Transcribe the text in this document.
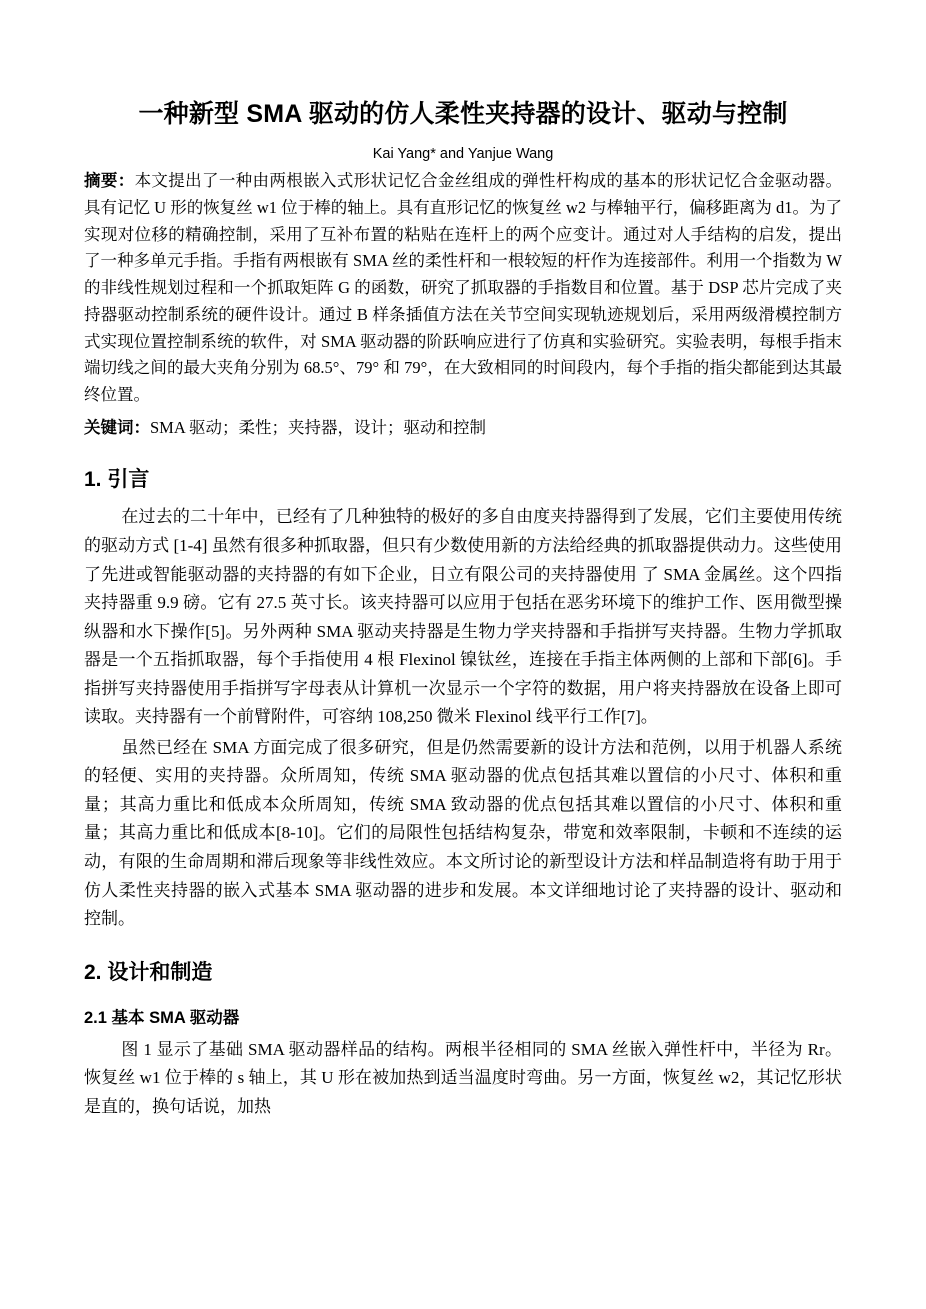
一种新型 SMA 驱动的仿人柔性夹持器的设计、驱动与控制
Kai Yang* and Yanjue Wang
摘要：本文提出了一种由两根嵌入式形状记忆合金丝组成的弹性杆构成的基本的形状记忆合金驱动器。具有记忆 U 形的恢复丝 w1 位于棒的轴上。具有直形记忆的恢复丝 w2 与棒轴平行，偏移距离为 d1。为了实现对位移的精确控制，采用了互补布置的粘贴在连杆上的两个应变计。通过对人手结构的启发，提出了一种多单元手指。手指有两根嵌有 SMA 丝的柔性杆和一根较短的杆作为连接部件。利用一个指数为 W 的非线性规划过程和一个抓取矩阵 G 的函数，研究了抓取器的手指数目和位置。基于 DSP 芯片完成了夹持器驱动控制系统的硬件设计。通过 B 样条插值方法在关节空间实现轨迹规划后，采用两级滑模控制方式实现位置控制系统的软件，对 SMA 驱动器的阶跃响应进行了仿真和实验研究。实验表明，每根手指末端切线之间的最大夹角分别为 68.5°、79° 和 79°，在大致相同的时间段内，每个手指的指尖都能到达其最终位置。
关键词：SMA 驱动；柔性；夹持器，设计；驱动和控制
1. 引言

在过去的二十年中，已经有了几种独特的极好的多自由度夹持器得到了发展，它们主要使用传统的驱动方式 [1-4] 虽然有很多种抓取器，但只有少数使用新的方法给经典的抓取器提供动力。这些使用了先进或智能驱动器的夹持器的有如下企业，日立有限公司的夹持器使用 了 SMA 金属丝。这个四指夹持器重 9.9 磅。它有 27.5 英寸长。该夹持器可以应用于包括在恶劣环境下的维护工作、医用微型操纵器和水下操作[5]。另外两种 SMA 驱动夹持器是生物力学夹持器和手指拼写夹持器。生物力学抓取器是一个五指抓取器，每个手指使用 4 根 Flexinol 镍钛丝，连接在手指主体两侧的上部和下部[6]。手指拼写夹持器使用手指拼写字母表从计算机一次显示一个字符的数据，用户将夹持器放在设备上即可读取。夹持器有一个前臂附件，可容纳 108,250 微米 Flexinol 线平行工作[7]。

虽然已经在 SMA 方面完成了很多研究，但是仍然需要新的设计方法和范例，以用于机器人系统的轻便、实用的夹持器。众所周知，传统 SMA 驱动器的优点包括其难以置信的小尺寸、体积和重量；其高力重比和低成本众所周知，传统 SMA 致动器的优点包括其难以置信的小尺寸、体积和重量；其高力重比和低成本[8-10]。它们的局限性包括结构复杂，带宽和效率限制，卡顿和不连续的运动，有限的生命周期和滞后现象等非线性效应。本文所讨论的新型设计方法和样品制造将有助于用于仿人柔性夹持器的嵌入式基本 SMA 驱动器的进步和发展。本文详细地讨论了夹持器的设计、驱动和控制。

2. 设计和制造
2.1 基本 SMA 驱动器

图 1 显示了基础 SMA 驱动器样品的结构。两根半径相同的 SMA 丝嵌入弹性杆中，半径为 Rr。恢复丝 w1 位于棒的 s 轴上，其 U 形在被加热到适当温度时弯曲。另一方面，恢复丝 w2，其记忆形状是直的，换句话说，加热
